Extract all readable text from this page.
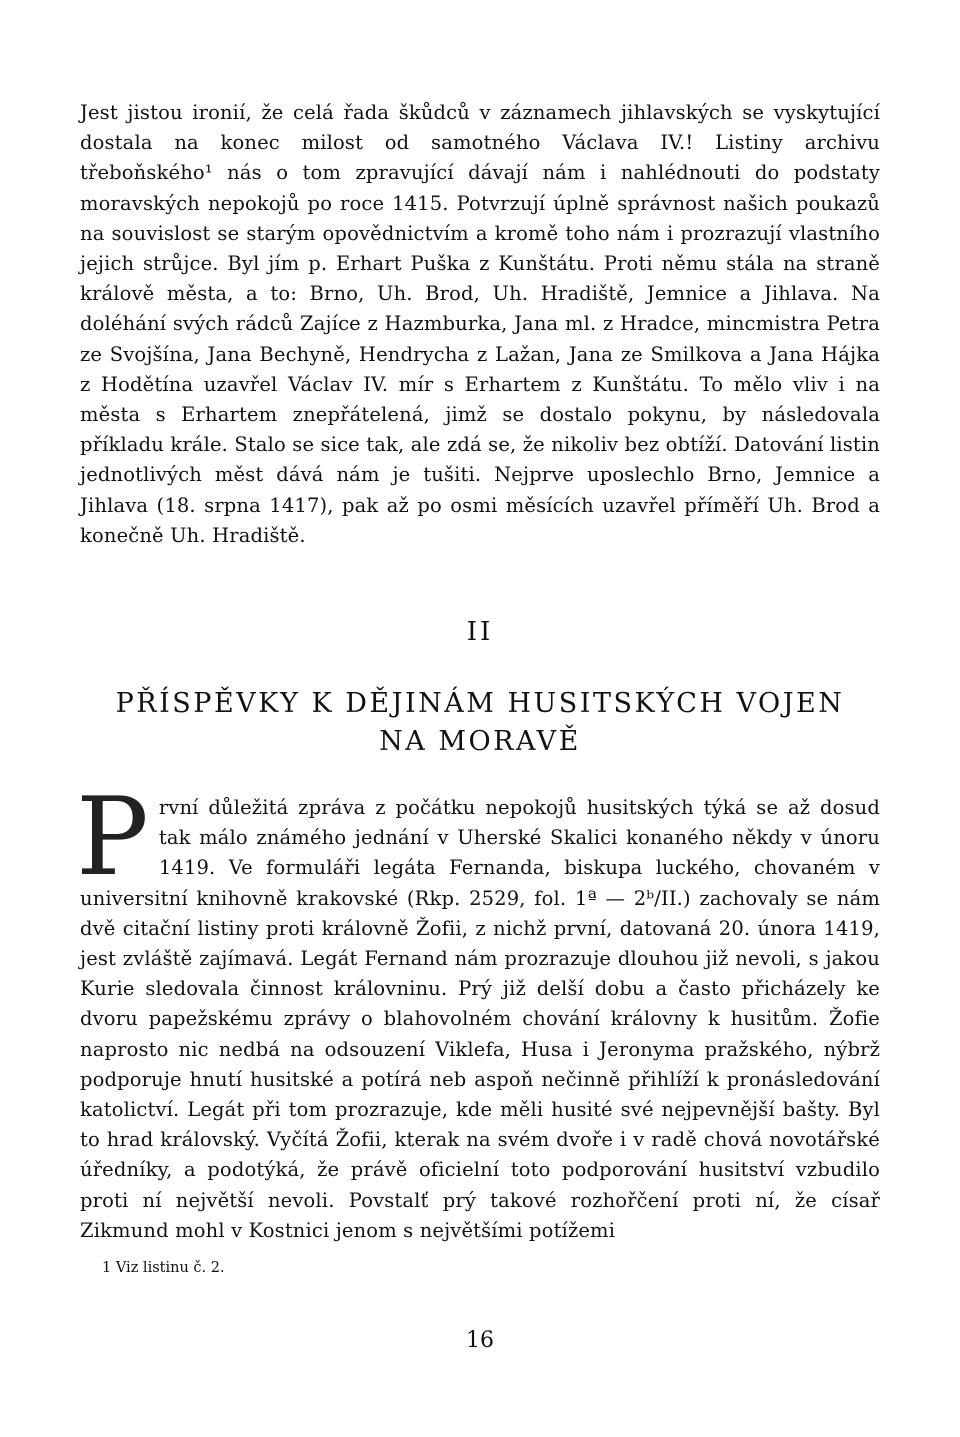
Jest jistou ironií, že celá řada škůdců v záznamech jihlavských se vyskytující dostala na konec milost od samotného Václava IV.! Listiny archivu třeboňského¹ nás o tom zpravující dávají nám i nahlédnouti do podstaty moravských nepokojů po roce 1415. Potvrzují úplně správnost našich poukazů na souvislost se starým opovědnictvím a kromě toho nám i prozrazují vlastního jejich strůjce. Byl jím p. Erhart Puška z Kunštátu. Proti němu stála na straně králově města, a to: Brno, Uh. Brod, Uh. Hradiště, Jemnice a Jihlava. Na doléhání svých rádců Zajíce z Hazmburka, Jana ml. z Hradce, mincmistra Petra ze Svojšína, Jana Bechyně, Hendrycha z Lažan, Jana ze Smilkova a Jana Hájka z Hodětína uzavřel Václav IV. mír s Erhartem z Kunštátu. To mělo vliv i na města s Erhartem znepřátelená, jimž se dostalo pokynu, by následovala příkladu krále. Stalo se sice tak, ale zdá se, že nikoliv bez obtíží. Datování listin jednotlivých měst dává nám je tušiti. Nejprve uposlechlo Brno, Jemnice a Jihlava (18. srpna 1417), pak až po osmi měsících uzavřel příměří Uh. Brod a konečně Uh. Hradiště.

II
PŘÍSPĚVKY K DĚJINÁM HUSITSKÝCH VOJEN
NA MORAVĚ
První důležitá zpráva z počátku nepokojů husitských týká se až dosud tak málo známého jednání v Uherské Skalici konaného někdy v únoru 1419. Ve formuláři legáta Fernanda, biskupa luckého, chovaném v universitní knihovně krakovské (Rkp. 2529, fol. 1ª — 2ᵇ/II.) zachovaly se nám dvě citační listiny proti královně Žofii, z nichž první, datovaná 20. února 1419, jest zvláště zajímavá. Legát Fernand nám prozrazuje dlouhou již nevoli, s jakou Kurie sledovala činnost královninu. Prý již delší dobu a často přicházely ke dvoru papežskému zprávy o blahovolném chování královny k husitům. Žofie naprosto nic nedbá na odsouzení Viklefa, Husa i Jeronyma pražského, nýbrž podporuje hnutí husitské a potírá neb aspoň nečinně přihlíží k pronásledování katolictví. Legát při tom prozrazuje, kde měli husité své nejpevnější bašty. Byl to hrad královský. Vyčítá Žofii, kterak na svém dvoře i v radě chová novotářské úředníky, a podotýká, že právě oficielní toto podporování husitství vzbudilo proti ní největší nevoli. Povstalť prý takové rozhořčení proti ní, že císař Zikmund mohl v Kostnici jenom s největšími potížemi
1 Viz listinu č. 2.
16
